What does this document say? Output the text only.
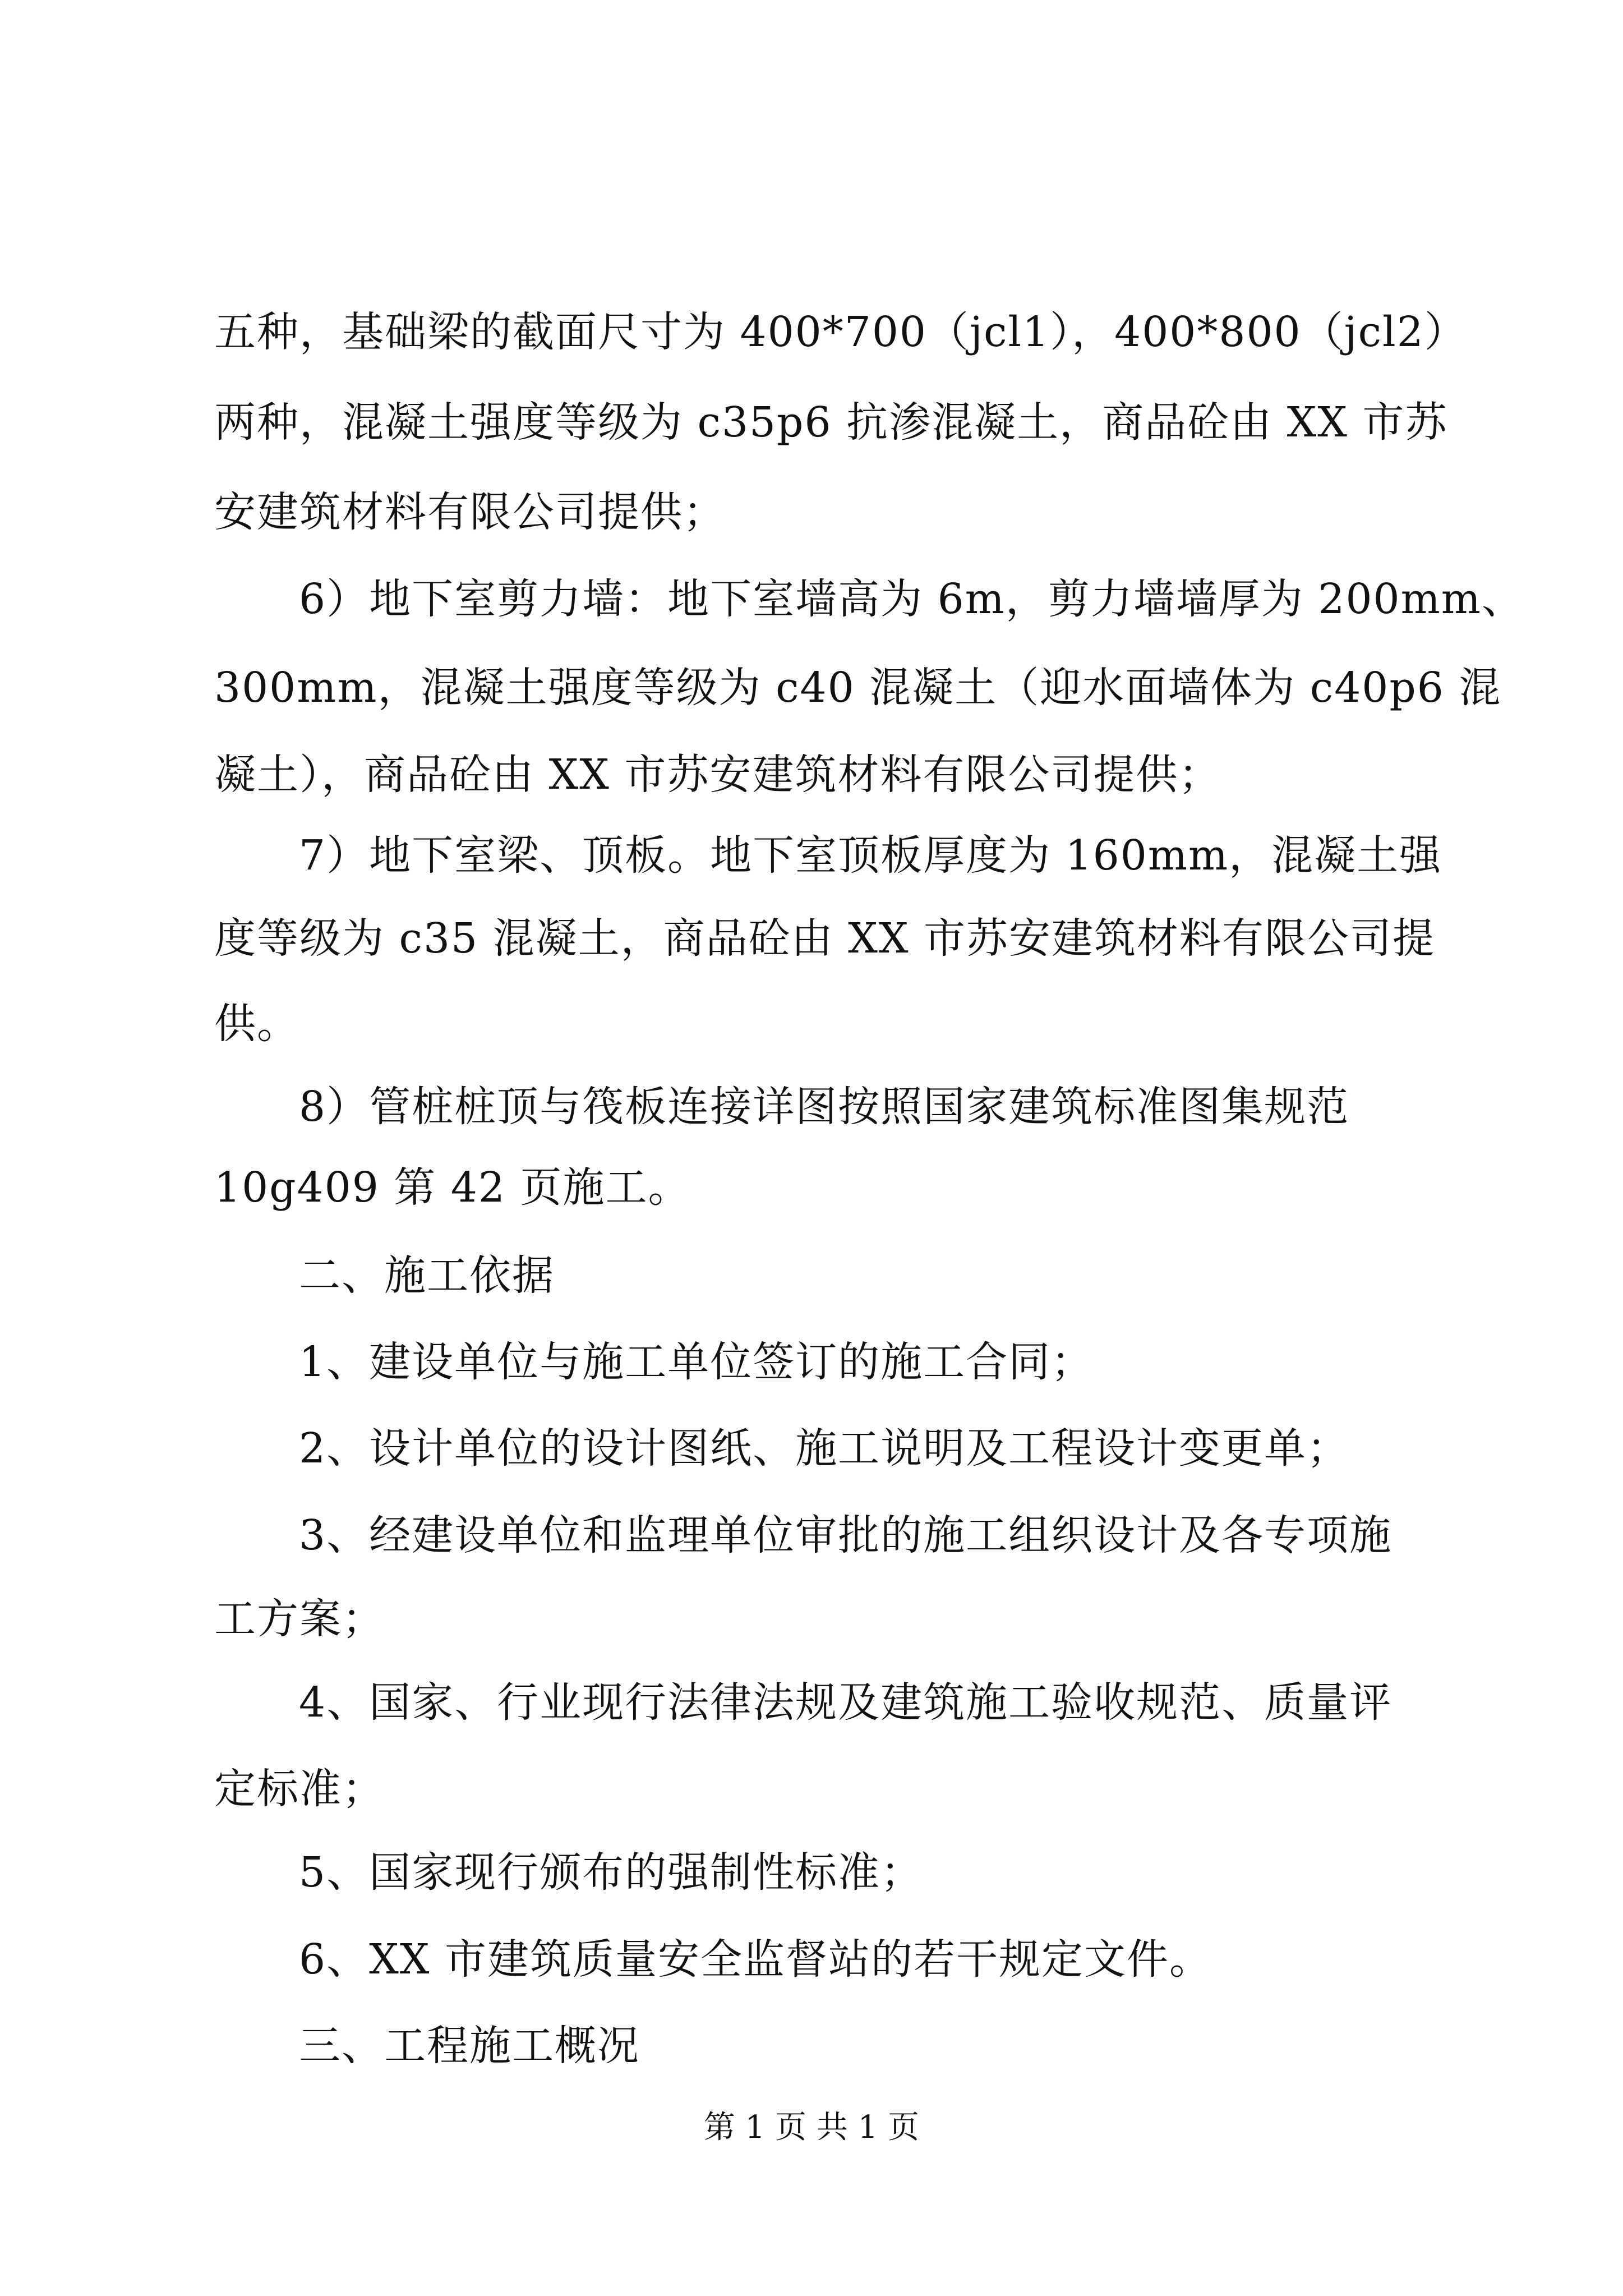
五种，基础梁的截面尺寸为 400*700（jcl1），400*800（jcl2）
两种，混凝土强度等级为 c35p6 抗渗混凝土，商品砼由 XX 市苏
安建筑材料有限公司提供；
6）地下室剪力墙：地下室墙高为 6m，剪力墙墙厚为 200mm、
300mm，混凝土强度等级为 c40 混凝土（迎水面墙体为 c40p6 混
凝土），商品砼由 XX 市苏安建筑材料有限公司提供；
7）地下室梁、顶板。地下室顶板厚度为 160mm，混凝土强
度等级为 c35 混凝土，商品砼由 XX 市苏安建筑材料有限公司提
供。
8）管桩桩顶与筏板连接详图按照国家建筑标准图集规范
10g409 第 42 页施工。
二、施工依据
1、建设单位与施工单位签订的施工合同；
2、设计单位的设计图纸、施工说明及工程设计变更单；
3、经建设单位和监理单位审批的施工组织设计及各专项施
工方案；
4、国家、行业现行法律法规及建筑施工验收规范、质量评
定标准；
5、国家现行颁布的强制性标准；
6、XX 市建筑质量安全监督站的若干规定文件。
三、工程施工概况
第 1 页 共 1 页
